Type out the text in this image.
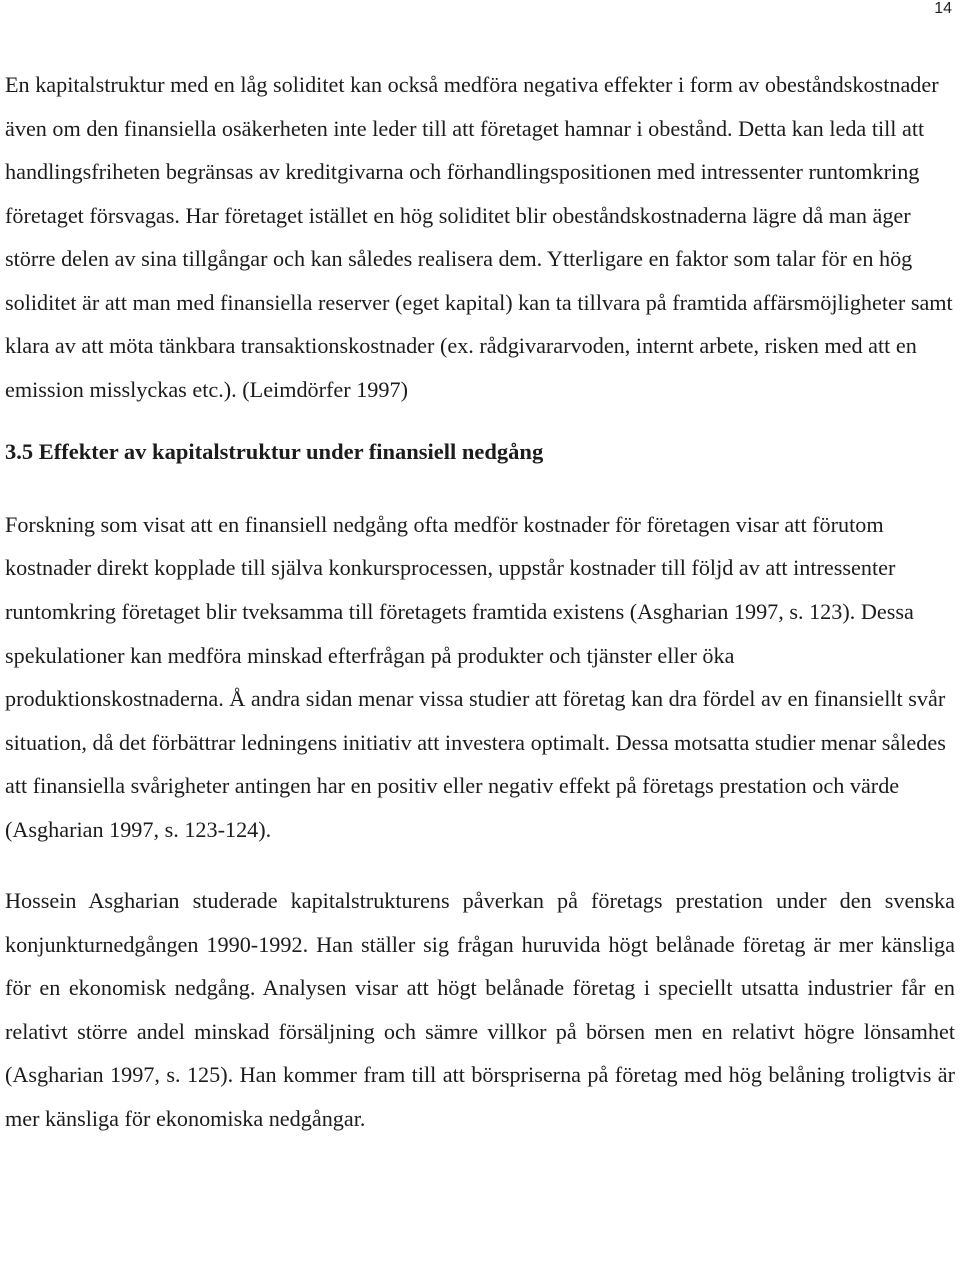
14

En kapitalstruktur med en låg soliditet kan också medföra negativa effekter i form av obeståndskostnader även om den finansiella osäkerheten inte leder till att företaget hamnar i obestånd. Detta kan leda till att handlingsfriheten begränsas av kreditgivarna och förhandlingspositionen med intressenter runtomkring företaget försvagas. Har företaget istället en hög soliditet blir obeståndskostnaderna lägre då man äger större delen av sina tillgångar och kan således realisera dem. Ytterligare en faktor som talar för en hög soliditet är att man med finansiella reserver (eget kapital) kan ta tillvara på framtida affärsmöjligheter samt klara av att möta tänkbara transaktionskostnader (ex. rådgivararvoden, internt arbete, risken med att en emission misslyckas etc.). (Leimdörfer 1997)

3.5 Effekter av kapitalstruktur under finansiell nedgång

Forskning som visat att en finansiell nedgång ofta medför kostnader för företagen visar att förutom kostnader direkt kopplade till själva konkursprocessen, uppstår kostnader till följd av att intressenter runtomkring företaget blir tveksamma till företagets framtida existens (Asgharian 1997, s. 123). Dessa spekulationer kan medföra minskad efterfrågan på produkter och tjänster eller öka produktionskostnaderna. Å andra sidan menar vissa studier att företag kan dra fördel av en finansiellt svår situation, då det förbättrar ledningens initiativ att investera optimalt. Dessa motsatta studier menar således att finansiella svårigheter antingen har en positiv eller negativ effekt på företags prestation och värde (Asgharian 1997, s. 123-124).

Hossein Asgharian studerade kapitalstrukturens påverkan på företags prestation under den svenska konjunkturnedgången 1990-1992. Han ställer sig frågan huruvida högt belånade företag är mer känsliga för en ekonomisk nedgång. Analysen visar att högt belånade företag i speciellt utsatta industrier får en relativt större andel minskad försäljning och sämre villkor på börsen men en relativt högre lönsamhet (Asgharian 1997, s. 125). Han kommer fram till att börspriserna på företag med hög belåning troligtvis är mer känsliga för ekonomiska nedgångar.
